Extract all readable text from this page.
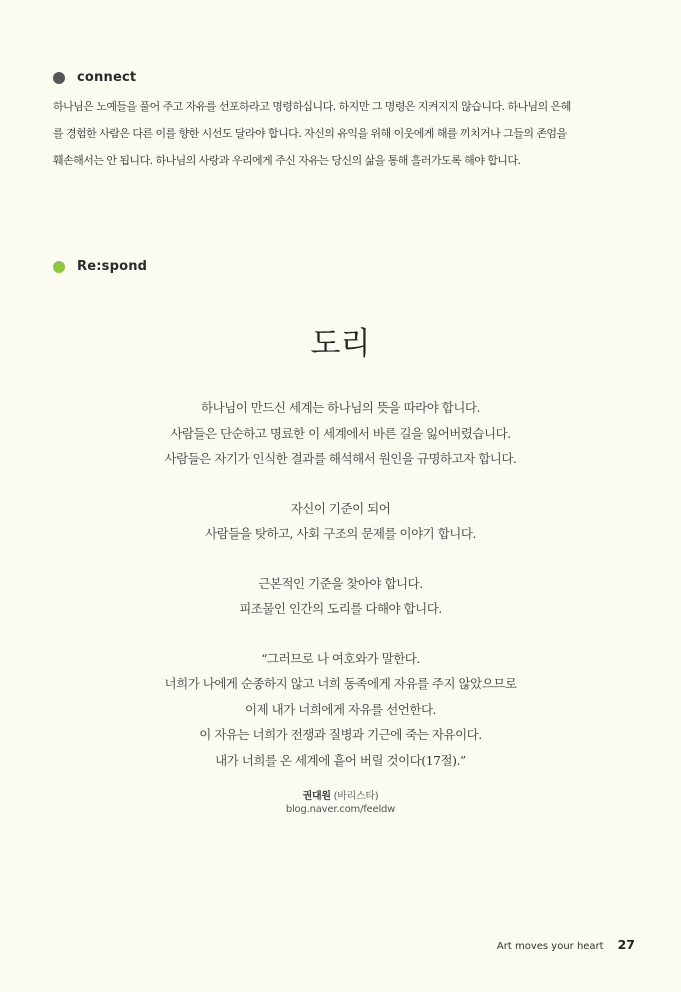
connect
하나님은 노예들을 풀어 주고 자유를 선포하라고 명령하십니다. 하지만 그 명령은 지켜지지 않습니다. 하나님의 은혜
를 경험한 사람은 다른 이를 향한 시선도 달라야 합니다. 자신의 유익을 위해 이웃에게 해를 끼치거나 그들의 존엄을
훼손해서는 안 됩니다. 하나님의 사랑과 우리에게 주신 자유는 당신의 삶을 통해 흘러가도록 해야 합니다.
Re:spond
도리
하나님이 만드신 세계는 하나님의 뜻을 따라야 합니다.
사람들은 단순하고 명료한 이 세계에서 바른 길을 잃어버렸습니다.
사람들은 자기가 인식한 결과를 해석해서 원인을 규명하고자 합니다.
자신이 기준이 되어
사람들을 탓하고, 사회 구조의 문제를 이야기 합니다.
근본적인 기준을 찾아야 합니다.
피조물인 인간의 도리를 다해야 합니다.
“그러므로 나 여호와가 말한다.
너희가 나에게 순종하지 않고 너희 동족에게 자유를 주지 않았으므로
이제 내가 너희에게 자유를 선언한다.
이 자유는 너희가 전쟁과 질병과 기근에 죽는 자유이다.
내가 너희를 온 세계에 흩어 버릴 것이다(17절).”
권대원 (바리스타)
blog.naver.com/feeldw
Art moves your heart 27
